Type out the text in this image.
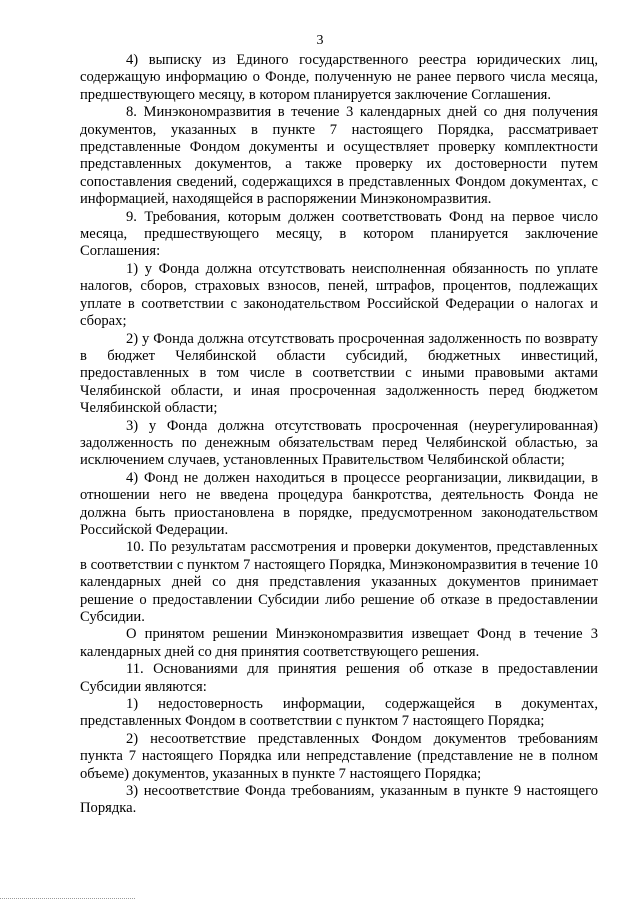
3

4) выписку из Единого государственного реестра юридических лиц, содержащую информацию о Фонде, полученную не ранее первого числа месяца, предшествующего месяцу, в котором планируется заключение Соглашения.

8. Минэкономразвития в течение 3 календарных дней со дня получения документов, указанных в пункте 7 настоящего Порядка, рассматривает представленные Фондом документы и осуществляет проверку комплектности представленных документов, а также проверку их достоверности путем сопоставления сведений, содержащихся в представленных Фондом документах, с информацией, находящейся в распоряжении Минэкономразвития.

9. Требования, которым должен соответствовать Фонд на первое число месяца, предшествующего месяцу, в котором планируется заключение Соглашения:

1) у Фонда должна отсутствовать неисполненная обязанность по уплате налогов, сборов, страховых взносов, пеней, штрафов, процентов, подлежащих уплате в соответствии с законодательством Российской Федерации о налогах и сборах;

2) у Фонда должна отсутствовать просроченная задолженность по возврату в бюджет Челябинской области субсидий, бюджетных инвестиций, предоставленных в том числе в соответствии с иными правовыми актами Челябинской области, и иная просроченная задолженность перед бюджетом Челябинской области;

3) у Фонда должна отсутствовать просроченная (неурегулированная) задолженность по денежным обязательствам перед Челябинской областью, за исключением случаев, установленных Правительством Челябинской области;

4) Фонд не должен находиться в процессе реорганизации, ликвидации, в отношении него не введена процедура банкротства, деятельность Фонда не должна быть приостановлена в порядке, предусмотренном законодательством Российской Федерации.

10. По результатам рассмотрения и проверки документов, представленных в соответствии с пунктом 7 настоящего Порядка, Минэкономразвития в течение 10 календарных дней со дня представления указанных документов принимает решение о предоставлении Субсидии либо решение об отказе в предоставлении Субсидии.

О принятом решении Минэкономразвития извещает Фонд в течение 3 календарных дней со дня принятия соответствующего решения.

11. Основаниями для принятия решения об отказе в предоставлении Субсидии являются:

1) недостоверность информации, содержащейся в документах, представленных Фондом в соответствии с пунктом 7 настоящего Порядка;

2) несоответствие представленных Фондом документов требованиям пункта 7 настоящего Порядка или непредставление (представление не в полном объеме) документов, указанных в пункте 7 настоящего Порядка;

3) несоответствие Фонда требованиям, указанным в пункте 9 настоящего Порядка.
